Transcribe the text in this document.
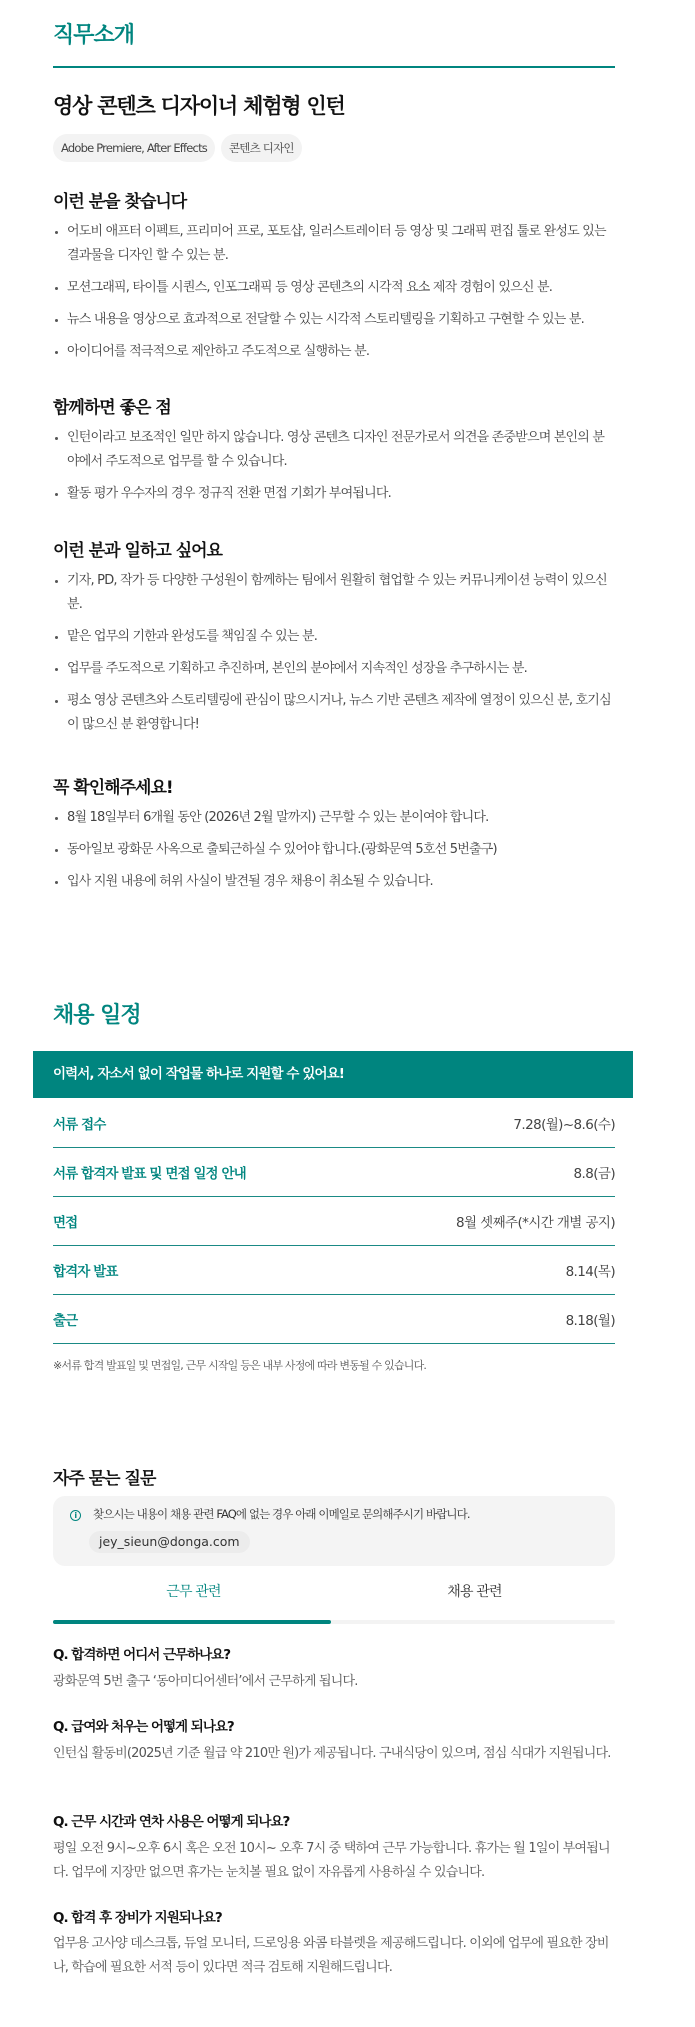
직무소개
영상 콘텐츠 디자이너 체험형 인턴
Adobe Premiere, After Effects	콘텐츠 디자인
이런 분을 찾습니다
어도비 애프터 이펙트, 프리미어 프로, 포토샵, 일러스트레이터 등 영상 및 그래픽 편집 툴로 완성도 있는 결과물을 디자인 할 수 있는 분.
모션그래픽, 타이틀 시퀀스, 인포그래픽 등 영상 콘텐츠의 시각적 요소 제작 경험이 있으신 분.
뉴스 내용을 영상으로 효과적으로 전달할 수 있는 시각적 스토리텔링을 기획하고 구현할 수 있는 분.
아이디어를 적극적으로 제안하고 주도적으로 실행하는 분.
함께하면 좋은 점
인턴이라고 보조적인 일만 하지 않습니다. 영상 콘텐츠 디자인 전문가로서 의견을 존중받으며 본인의 분야에서 주도적으로 업무를 할 수 있습니다.
활동 평가 우수자의 경우 정규직 전환 면접 기회가 부여됩니다.
이런 분과 일하고 싶어요
기자, PD, 작가 등 다양한 구성원이 함께하는 팀에서 원활히 협업할 수 있는 커뮤니케이션 능력이 있으신 분.
맡은 업무의 기한과 완성도를 책임질 수 있는 분.
업무를 주도적으로 기획하고 추진하며, 본인의 분야에서 지속적인 성장을 추구하시는 분.
평소 영상 콘텐츠와 스토리텔링에 관심이 많으시거나, 뉴스 기반 콘텐츠 제작에 열정이 있으신 분, 호기심이 많으신 분 환영합니다!
꼭 확인해주세요!
8월 18일부터 6개월 동안 (2026년 2월 말까지) 근무할 수 있는 분이여야 합니다.
동아일보 광화문 사옥으로 출퇴근하실 수 있어야 합니다.(광화문역 5호선 5번출구)
입사 지원 내용에 허위 사실이 발견될 경우 채용이 취소될 수 있습니다.
채용 일정
이력서, 자소서 없이 작업물 하나로 지원할 수 있어요!
서류 접수	7.28(월)~8.6(수)
서류 합격자 발표 및 면접 일정 안내	8.8(금)
면접	8월 셋째주(*시간 개별 공지)
합격자 발표	8.14(목)
출근	8.18(월)
※서류 합격 발표일 및 면접일, 근무 시작일 등은 내부 사정에 따라 변동될 수 있습니다.
자주 묻는 질문
i	찾으시는 내용이 채용 관련 FAQ에 없는 경우 아래 이메일로 문의해주시기 바랍니다.
jey_sieun@donga.com
근무 관련	채용 관련
Q. 합격하면 어디서 근무하나요?
광화문역 5번 출구 ‘동아미디어센터’에서 근무하게 됩니다.
Q. 급여와 처우는 어떻게 되나요?
인턴십 활동비(2025년 기준 월급 약 210만 원)가 제공됩니다. 구내식당이 있으며, 점심 식대가 지원됩니다.
Q. 근무 시간과 연차 사용은 어떻게 되나요?
평일 오전 9시~오후 6시 혹은 오전 10시~ 오후 7시 중 택하여 근무 가능합니다. 휴가는 월 1일이 부여됩니다. 업무에 지장만 없으면 휴가는 눈치볼 필요 없이 자유롭게 사용하실 수 있습니다.
Q. 합격 후 장비가 지원되나요?
업무용 고사양 데스크톱, 듀얼 모니터, 드로잉용 와콤 타블렛을 제공해드립니다. 이외에 업무에 필요한 장비나, 학습에 필요한 서적 등이 있다면 적극 검토해 지원해드립니다.
